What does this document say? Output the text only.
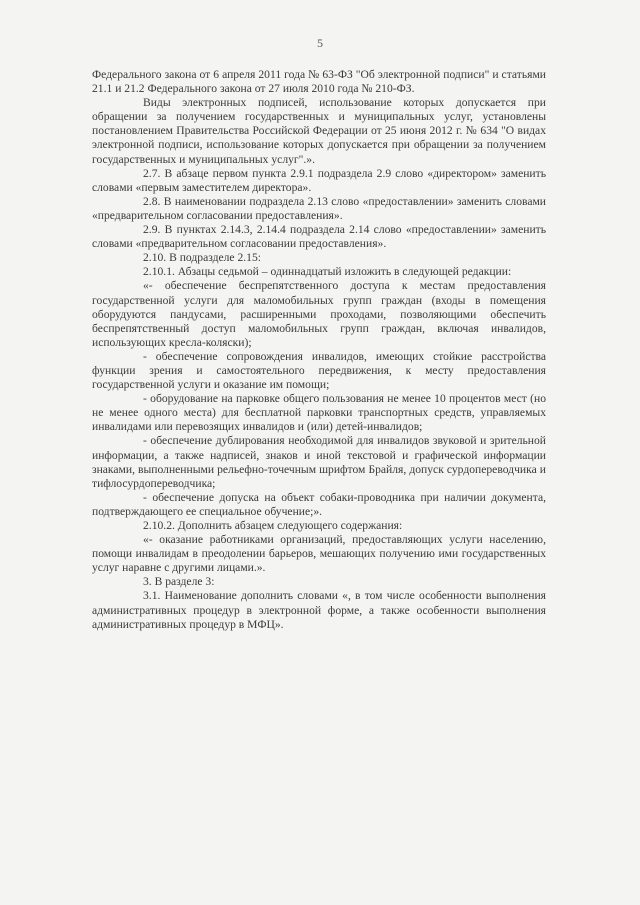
5

Федерального закона от 6 апреля 2011 года № 63-ФЗ "Об электронной подписи" и статьями 21.1 и 21.2 Федерального закона от 27 июля 2010 года № 210-ФЗ.

Виды электронных подписей, использование которых допускается при обращении за получением государственных и муниципальных услуг, установлены постановлением Правительства Российской Федерации от 25 июня 2012 г. № 634 "О видах электронной подписи, использование которых допускается при обращении за получением государственных и муниципальных услуг".».

2.7. В абзаце первом пункта 2.9.1 подраздела 2.9 слово «директором» заменить словами «первым заместителем директора».

2.8. В наименовании подраздела 2.13 слово «предоставлении» заменить словами «предварительном согласовании предоставления».

2.9. В пунктах 2.14.3, 2.14.4 подраздела 2.14 слово «предоставлении» заменить словами «предварительном согласовании предоставления».

2.10. В подразделе 2.15:

2.10.1. Абзацы седьмой – одиннадцатый изложить в следующей редакции:

«- обеспечение беспрепятственного доступа к местам предоставления государственной услуги для маломобильных групп граждан (входы в помещения оборудуются пандусами, расширенными проходами, позволяющими обеспечить беспрепятственный доступ маломобильных групп граждан, включая инвалидов, использующих кресла-коляски);

- обеспечение сопровождения инвалидов, имеющих стойкие расстройства функции зрения и самостоятельного передвижения, к месту предоставления государственной услуги и оказание им помощи;

- оборудование на парковке общего пользования не менее 10 процентов мест (но не менее одного места) для бесплатной парковки транспортных средств, управляемых инвалидами или перевозящих инвалидов и (или) детей-инвалидов;

- обеспечение дублирования необходимой для инвалидов звуковой и зрительной информации, а также надписей, знаков и иной текстовой и графической информации знаками, выполненными рельефно-точечным шрифтом Брайля, допуск сурдопереводчика и тифлосурдопереводчика;

- обеспечение допуска на объект собаки-проводника при наличии документа, подтверждающего ее специальное обучение;».

2.10.2. Дополнить абзацем следующего содержания:

«- оказание работниками организаций, предоставляющих услуги населению, помощи инвалидам в преодолении барьеров, мешающих получению ими государственных услуг наравне с другими лицами.».

3. В разделе 3:

3.1. Наименование дополнить словами «, в том числе особенности выполнения административных процедур в электронной форме, а также особенности выполнения административных процедур в МФЦ».
